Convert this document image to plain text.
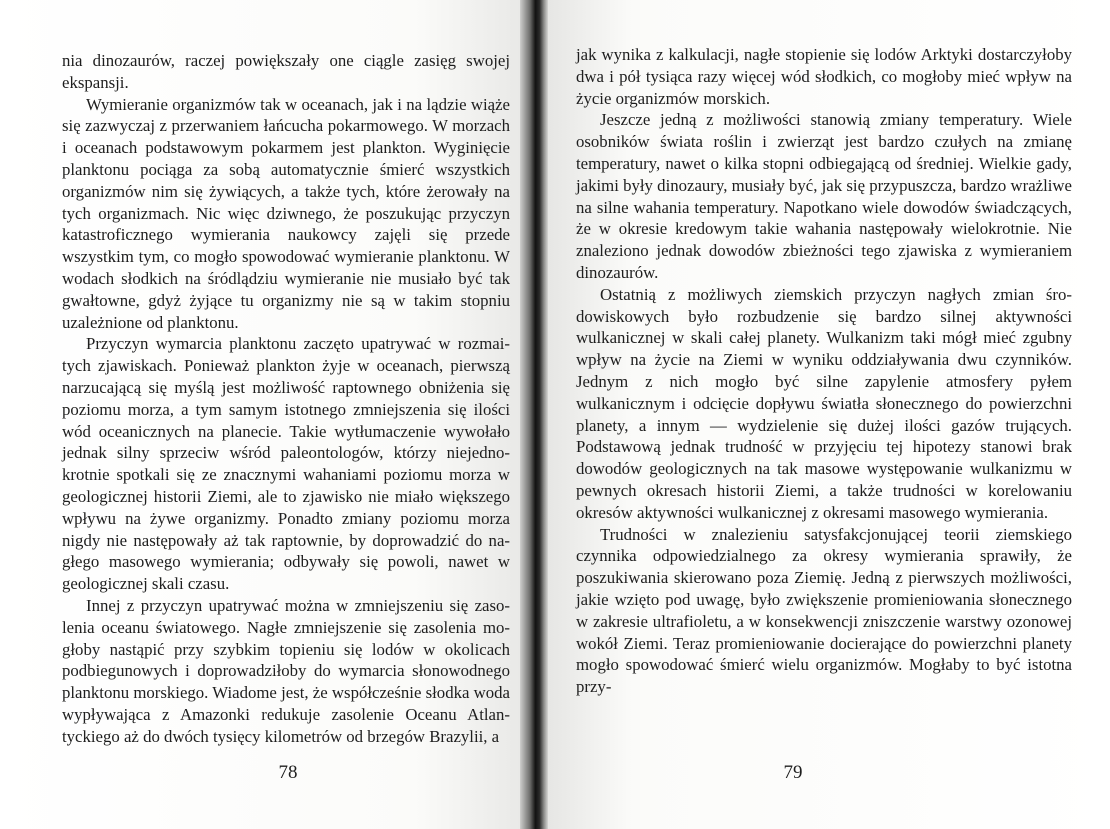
nia dinozaurów, raczej powiększały one ciągle zasięg swojej ekspansji.

Wymieranie organizmów tak w oceanach, jak i na lądzie wiąże się zazwyczaj z przerwaniem łańcucha pokarmowego. W morzach i oceanach podstawowym pokarmem jest plankton. Wyginięcie planktonu pociąga za sobą automatycznie śmierć wszystkich organizmów nim się żywiących, a także tych, które żerowały na tych organizmach. Nic więc dziwnego, że poszukując przyczyn katastroficznego wymierania naukowcy zajęli się przede wszystkim tym, co mogło spowodować wymieranie planktonu. W wodach słodkich na śródlądziu wymieranie nie musiało być tak gwałtowne, gdyż żyjące tu organizmy nie są w takim stopniu uzależnione od planktonu.

Przyczyn wymarcia planktonu zaczęto upatrywać w rozmaitych zjawiskach. Ponieważ plankton żyje w oceanach, pierwszą narzucającą się myślą jest możliwość raptownego obniżenia się poziomu morza, a tym samym istotnego zmniejszenia się ilości wód oceanicznych na planecie. Takie wytłumaczenie wywołało jednak silny sprzeciw wśród paleontologów, którzy niejednokrotnie spotkali się ze znacznymi wahaniami poziomu morza w geologicznej historii Ziemi, ale to zjawisko nie miało większego wpływu na żywe organizmy. Ponadto zmiany poziomu morza nigdy nie następowały aż tak raptownie, by doprowadzić do nagłego masowego wymierania; odbywały się powoli, nawet w geologicznej skali czasu.

Innej z przyczyn upatrywać można w zmniejszeniu się zasolenia oceanu światowego. Nagłe zmniejszenie się zasolenia mogłoby nastąpić przy szybkim topieniu się lodów w okolicach podbiegunowych i doprowadziłoby do wymarcia słonowodnego planktonu morskiego. Wiadome jest, że współcześnie słodka woda wypływająca z Amazonki redukuje zasolenie Oceanu Atlantyckiego aż do dwóch tysięcy kilometrów od brzegów Brazylii, a

78

jak wynika z kalkulacji, nagłe stopienie się lodów Arktyki dostarczyłoby dwa i pół tysiąca razy więcej wód słodkich, co mogłoby mieć wpływ na życie organizmów morskich.

Jeszcze jedną z możliwości stanowią zmiany temperatury. Wiele osobników świata roślin i zwierząt jest bardzo czułych na zmianę temperatury, nawet o kilka stopni odbiegającą od średniej. Wielkie gady, jakimi były dinozaury, musiały być, jak się przypuszcza, bardzo wrażliwe na silne wahania temperatury. Napotkano wiele dowodów świadczących, że w okresie kredowym takie wahania następowały wielokrotnie. Nie znaleziono jednak dowodów zbieżności tego zjawiska z wymieraniem dinozaurów.

Ostatnią z możliwych ziemskich przyczyn nagłych zmian środowiskowych było rozbudzenie się bardzo silnej aktywności wulkanicznej w skali całej planety. Wulkanizm taki mógł mieć zgubny wpływ na życie na Ziemi w wyniku oddziaływania dwu czynników. Jednym z nich mogło być silne zapylenie atmosfery pyłem wulkanicznym i odcięcie dopływu światła słonecznego do powierzchni planety, a innym — wydzielenie się dużej ilości gazów trujących. Podstawową jednak trudność w przyjęciu tej hipotezy stanowi brak dowodów geologicznych na tak masowe występowanie wulkanizmu w pewnych okresach historii Ziemi, a także trudności w korelowaniu okresów aktywności wulkanicznej z okresami masowego wymierania.

Trudności w znalezieniu satysfakcjonującej teorii ziemskiego czynnika odpowiedzialnego za okresy wymierania sprawiły, że poszukiwania skierowano poza Ziemię. Jedną z pierwszych możliwości, jakie wzięto pod uwagę, było zwiększenie promieniowania słonecznego w zakresie ultrafioletu, a w konsekwencji zniszczenie warstwy ozonowej wokół Ziemi. Teraz promieniowanie docierające do powierzchni planety mogło spowodować śmierć wielu organizmów. Mogłaby to być istotna przy-

79
